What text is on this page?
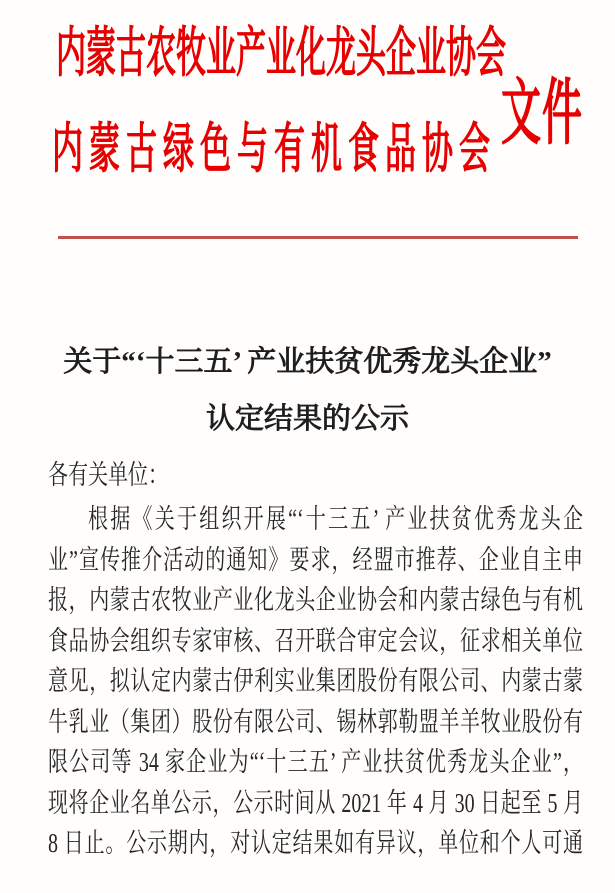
内蒙古农牧业产业化龙头企业协会
内蒙古绿色与有机食品协会 文件
关于“‘十三五’ 产业扶贫优秀龙头企业”
认定结果的公示
各有关单位：
根据《关于组织开展“‘十三五’ 产业扶贫优秀龙头企
业”宣传推介活动的通知》要求，经盟市推荐、企业自主申
报，内蒙古农牧业产业化龙头企业协会和内蒙古绿色与有机
食品协会组织专家审核、召开联合审定会议，征求相关单位
意见，拟认定内蒙古伊利实业集团股份有限公司、内蒙古蒙
牛乳业（集团）股份有限公司、锡林郭勒盟羊羊牧业股份有
限公司等 34 家企业为“‘十三五’ 产业扶贫优秀龙头企业”，
现将企业名单公示，公示时间从 2021 年 4 月 30 日起至 5 月
8 日止。公示期内，对认定结果如有异议，单位和个人可通
